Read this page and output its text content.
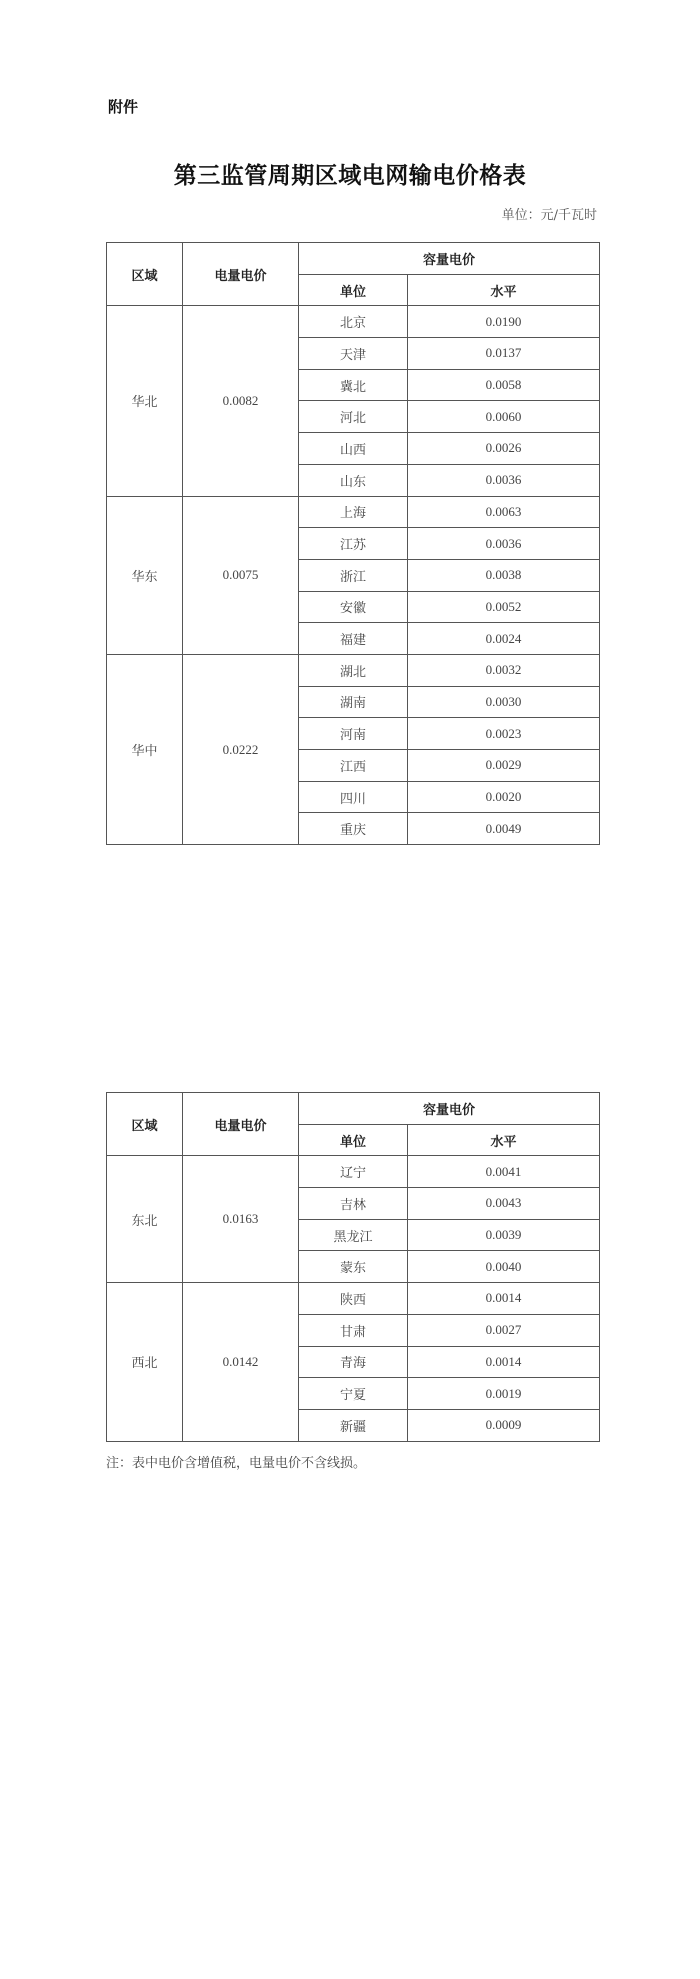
附件
第三监管周期区域电网输电价格表
单位：元/千瓦时
区域	电量电价	容量电价	
		单位	水平
华北	0.0082	北京	0.0190
		天津	0.0137
		冀北	0.0058
		河北	0.0060
		山西	0.0026
		山东	0.0036
华东	0.0075	上海	0.0063
		江苏	0.0036
		浙江	0.0038
		安徽	0.0052
		福建	0.0024
华中	0.0222	湖北	0.0032
		湖南	0.0030
		河南	0.0023
		江西	0.0029
		四川	0.0020
		重庆	0.0049
区域	电量电价	容量电价	
		单位	水平
东北	0.0163	辽宁	0.0041
		吉林	0.0043
		黑龙江	0.0039
		蒙东	0.0040
西北	0.0142	陕西	0.0014
		甘肃	0.0027
		青海	0.0014
		宁夏	0.0019
		新疆	0.0009
注：表中电价含增值税，电量电价不含线损。
